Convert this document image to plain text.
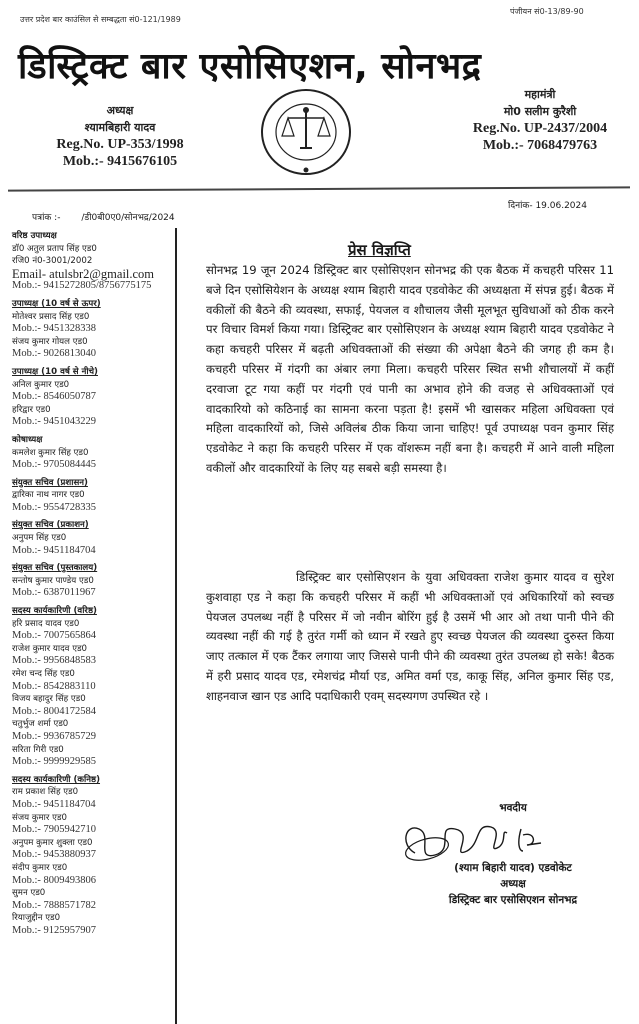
उत्तर प्रदेश बार काउंसिल से सम्बद्धता सं0-121/1989
पंजीयन सं0-13/89-90
डिस्ट्रिक्ट बार एसोसिएशन, सोनभद्र
अध्यक्ष
श्यामबिहारी यादव
Reg.No. UP-353/1998
Mob.:- 9415676105
महामंत्री
मो0 सलीम कुरैशी
Reg.No. UP-2437/2004
Mob.:- 7068479763
पत्रांक :- /डी0बी0ए0/सोनभद्र/2024
दिनांक- 19.06.2024
वरिष्ठ उपाध्यक्ष
डॉ0 अतुल प्रताप सिंह एड0
रजि0 नं0-3001/2002
Email- atulsbr2@gmail.com
Mob.:- 9415272805/8756775175
उपाध्यक्ष (10 वर्ष से ऊपर)
मोतेश्वर प्रसाद सिंह एड0
Mob.:- 9451328338
संजय कुमार गोयल एड0
Mob.:- 9026813040
उपाध्यक्ष (10 वर्ष से नीचे)
अनिल कुमार एड0
Mob.:- 8546050787
हरिद्वार एड0
Mob.:- 9451043229
कोषाध्यक्ष
कमलेश कुमार सिंह एड0
Mob.:- 9705084445
संयुक्त सचिव (प्रशासन)
द्वारिका नाथ नागर एड0
Mob.:- 9554728335
संयुक्त सचिव (प्रकाशन)
अनुपम सिंह एड0
Mob.:- 9451184704
संयुक्त सचिव (पुस्तकालय)
सन्तोष कुमार पाण्डेय एड0
Mob.:- 6387011967
सदस्य कार्यकारिणी (वरिष्ठ)
हरि प्रसाद यादव एड0
Mob.:- 7007565864
राजेश कुमार यादव एड0
Mob.:- 9956848583
रमेश चन्द सिंह एड0
Mob.:- 8542883110
विजय बहादुर सिंह एड0
Mob.:- 8004172584
चतुर्भुज शर्मा एड0
Mob.:- 9936785729
सरिता गिरी एड0
Mob.:- 9999929585
सदस्य कार्यकारिणी (कनिष्ठ)
राम प्रकाश सिंह एड0
Mob.:- 9451184704
संजय कुमार एड0
Mob.:- 7905942710
अनुपम कुमार शुक्ला एड0
Mob.:- 9453880937
संदीप कुमार एड0
Mob.:- 8009493806
सुमन एड0
Mob.:- 7888571782
रियाजुद्दीन एड0
Mob.:- 9125957907
प्रेस विज्ञप्ति
सोनभद्र 19 जून 2024 डिस्ट्रिक्ट बार एसोसिएशन सोनभद्र की एक बैठक में कचहरी परिसर 11 बजे दिन एसोसियेशन के अध्यक्ष श्याम बिहारी यादव एडवोकेट की अध्यक्षता में संपन्न हुई। बैठक में वकीलों की बैठने की व्यवस्था, सफाई, पेयजल व शौचालय जैसी मूलभूत सुविधाओं को ठीक करने पर विचार विमर्श किया गया। डिस्ट्रिक्ट बार एसोसिएशन के अध्यक्ष श्याम बिहारी यादव एडवोकेट ने कहा कचहरी परिसर में बढ़ती अधिवक्ताओं की संख्या की अपेक्षा बैठने की जगह ही कम है। कचहरी परिसर में गंदगी का अंबार लगा मिला। कचहरी परिसर स्थित सभी शौचालयों में कहीं दरवाजा टूट गया कहीं पर गंदगी एवं पानी का अभाव होने की वजह से अधिवक्ताओं एवं वादकारियो को कठिनाई का सामना करना पड़ता है! इसमें भी खासकर महिला अधिवक्ता एवं महिला वादकारियों को, जिसे अविलंब ठीक किया जाना चाहिए! पूर्व उपाध्यक्ष पवन कुमार सिंह एडवोकेट ने कहा कि कचहरी परिसर में एक वॉशरूम नहीं बना है। कचहरी में आने वाली महिला वकीलों और वादकारियों के लिए यह सबसे बड़ी समस्या है।
डिस्ट्रिक्ट बार एसोसिएशन के युवा अधिवक्ता राजेश कुमार यादव व सुरेश कुशवाहा एड ने कहा कि कचहरी परिसर में कहीं भी अधिवक्ताओं एवं अधिकारियों को स्वच्छ पेयजल उपलब्ध नहीं है परिसर में जो नवीन बोरिंग हुई है उसमें भी आर ओ तथा पानी पीने की व्यवस्था नहीं की गई है तुरंत गर्मी को ध्यान में रखते हुए स्वच्छ पेयजल की व्यवस्था दुरुस्त किया जाए तत्काल में एक टैंकर लगाया जाए जिससे पानी पीने की व्यवस्था तुरंत उपलब्ध हो सके! बैठक में हरी प्रसाद यादव एड, रमेशचंद्र मौर्या एड, अमित वर्मा एड, काकू सिंह, अनिल कुमार सिंह एड, शाहनवाज खान एड आदि पदाधिकारी एवम् सदस्यगण उपस्थित रहे ।
भवदीय
(श्याम बिहारी यादव) एडवोकेट
अध्यक्ष
डिस्ट्रिक्ट बार एसोसिएशन सोनभद्र
